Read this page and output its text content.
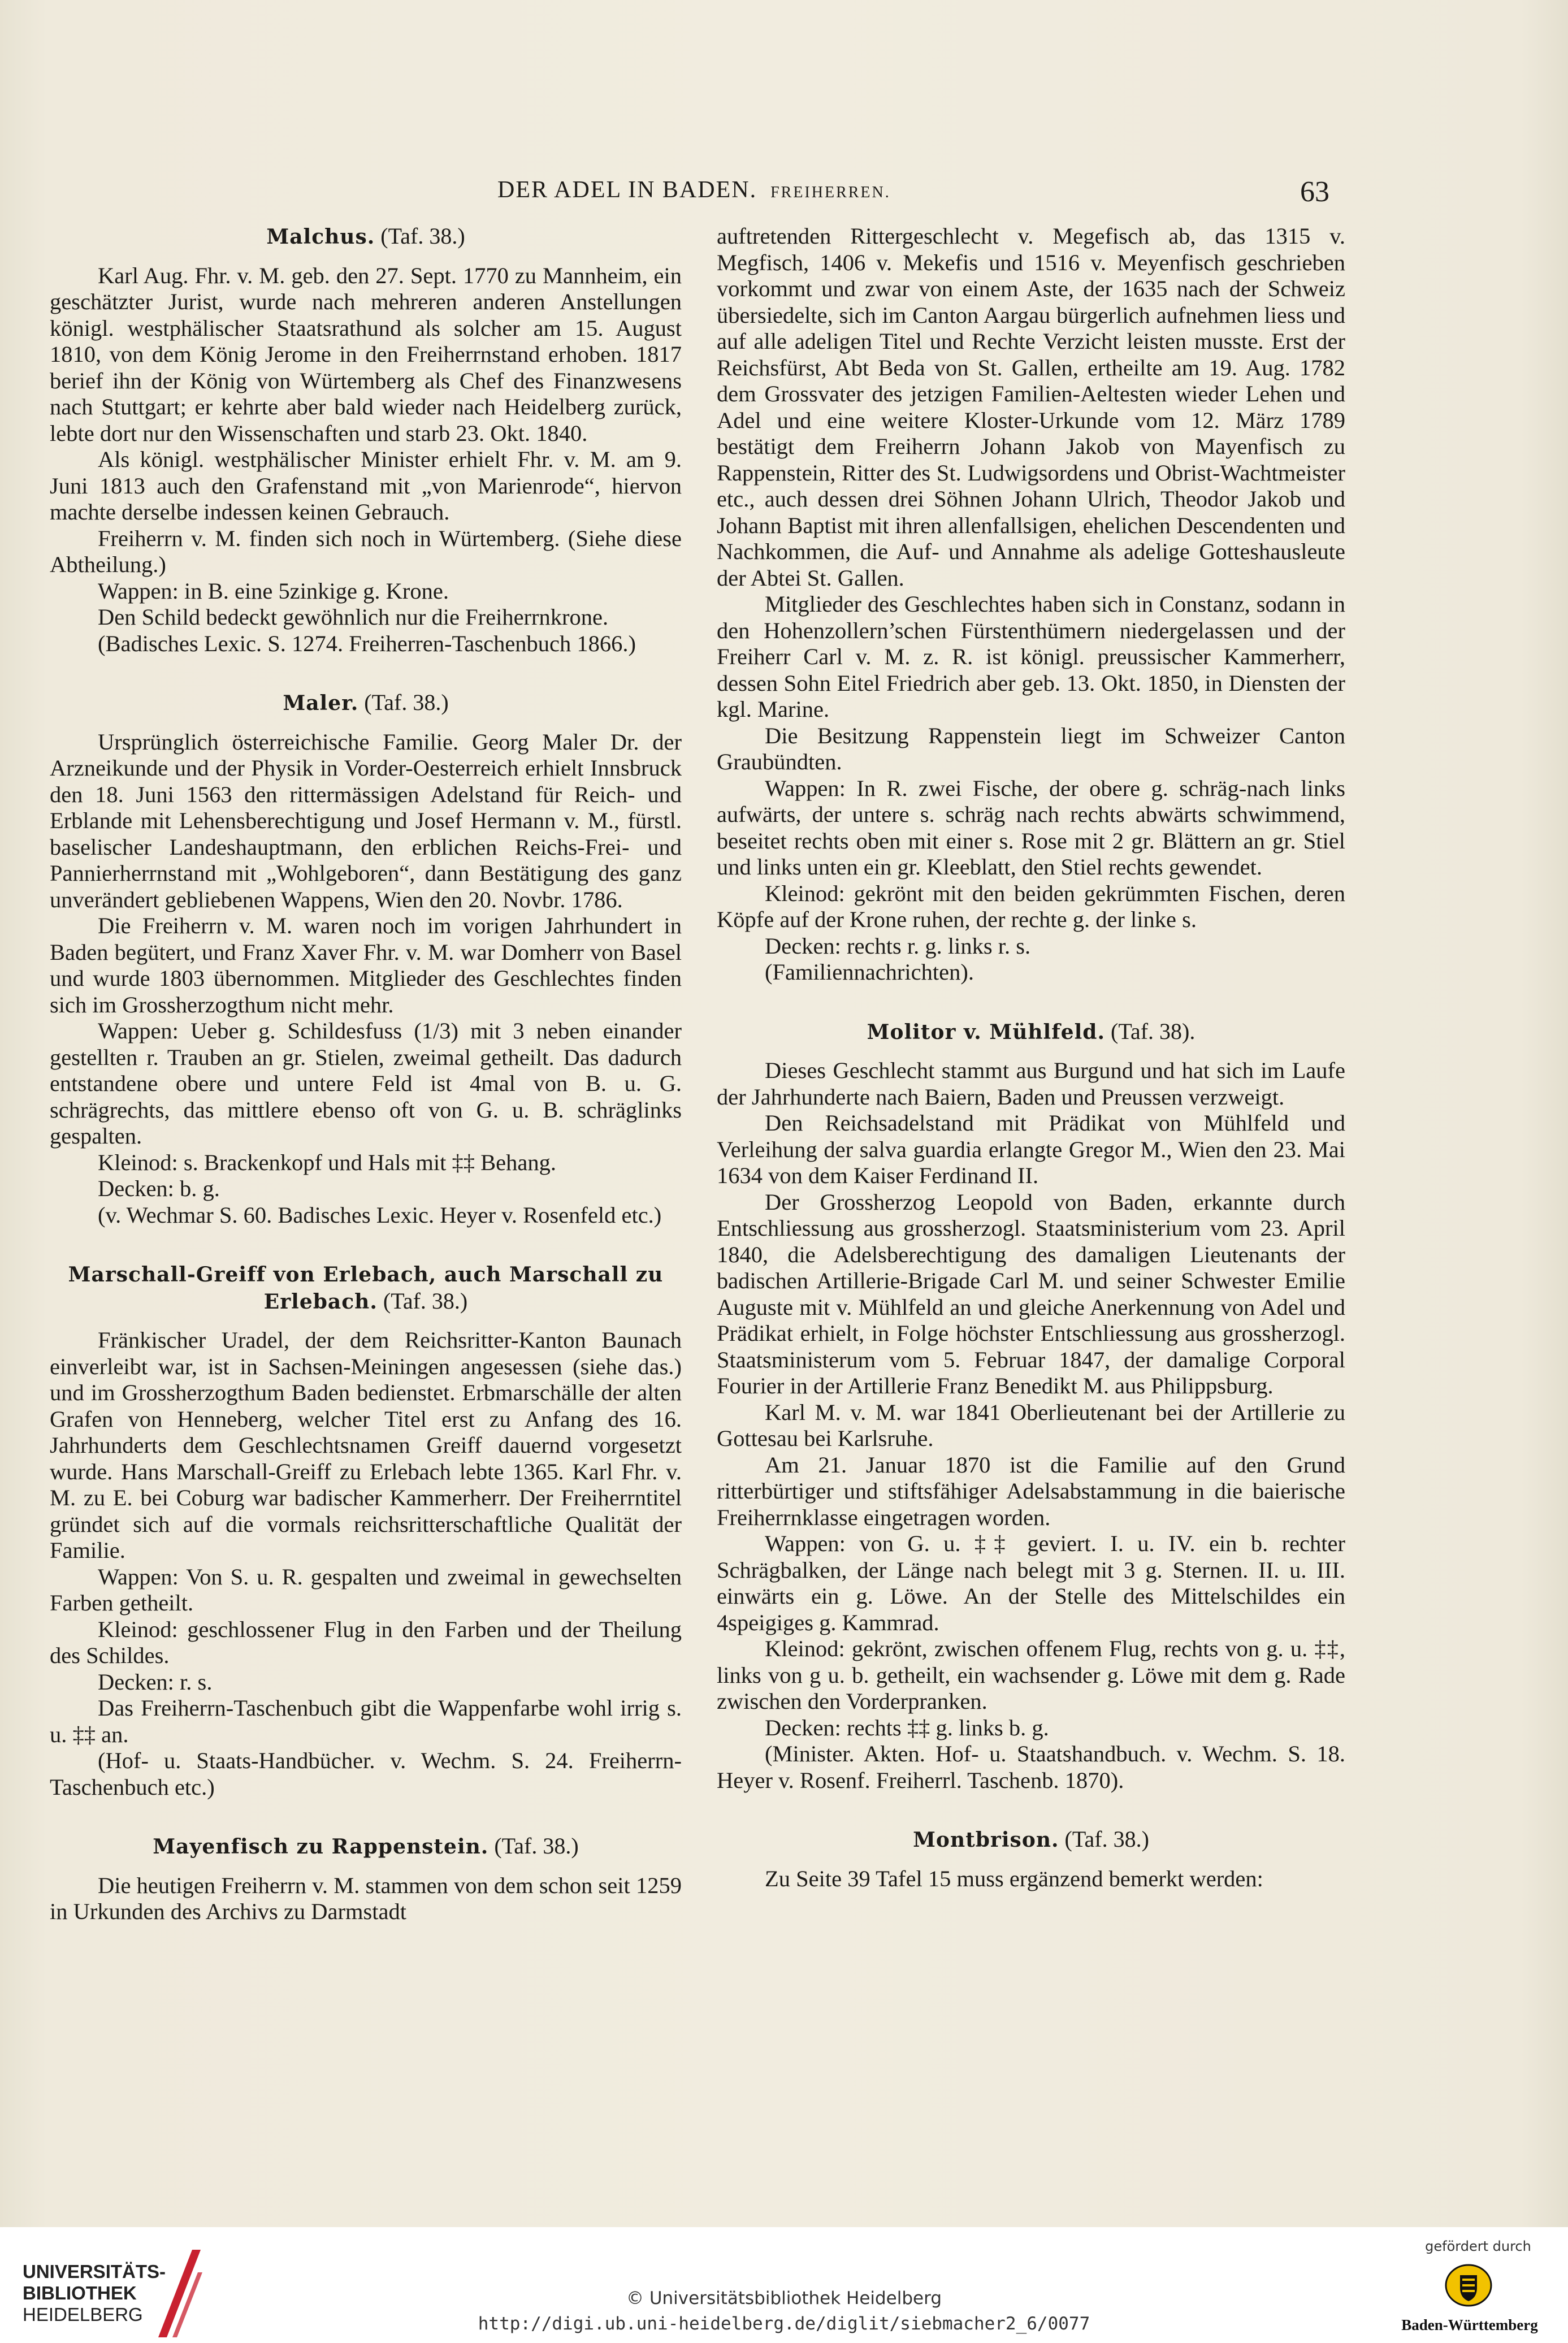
DER ADEL IN BADEN. FREIHERREN.	63
Malchus. (Taf. 38.)

Karl Aug. Fhr. v. M. geb. den 27. Sept. 1770 zu Mannheim, ein geschätzter Jurist, wurde nach mehreren anderen Anstellungen königl. westphälischer Staatsrathund als solcher am 15. August 1810, von dem König Jerome in den Freiherrnstand erhoben. 1817 berief ihn der König von Würtemberg als Chef des Finanzwesens nach Stuttgart; er kehrte aber bald wieder nach Heidelberg zurück, lebte dort nur den Wissenschaften und starb 23. Okt. 1840.

Als königl. westphälischer Minister erhielt Fhr. v. M. am 9. Juni 1813 auch den Grafenstand mit „von Marienrode“, hiervon machte derselbe indessen keinen Gebrauch.

Freiherrn v. M. finden sich noch in Würtemberg. (Siehe diese Abtheilung.)

Wappen: in B. eine 5zinkige g. Krone.

Den Schild bedeckt gewöhnlich nur die Freiherrnkrone.

(Badisches Lexic. S. 1274. Freiherren-Taschenbuch 1866.)

Maler. (Taf. 38.)

Ursprünglich österreichische Familie. Georg Maler Dr. der Arzneikunde und der Physik in Vorder-Oesterreich erhielt Innsbruck den 18. Juni 1563 den rittermässigen Adelstand für Reich- und Erblande mit Lehensberechtigung und Josef Hermann v. M., fürstl. baselischer Landeshauptmann, den erblichen Reichs-Frei- und Pannierherrnstand mit „Wohlgeboren“, dann Bestätigung des ganz unverändert gebliebenen Wappens, Wien den 20. Novbr. 1786.

Die Freiherrn v. M. waren noch im vorigen Jahrhundert in Baden begütert, und Franz Xaver Fhr. v. M. war Domherr von Basel und wurde 1803 übernommen. Mitglieder des Geschlechtes finden sich im Grossherzogthum nicht mehr.

Wappen: Ueber g. Schildesfuss (1/3) mit 3 neben einander gestellten r. Trauben an gr. Stielen, zweimal getheilt. Das dadurch entstandene obere und untere Feld ist 4mal von B. u. G. schrägrechts, das mittlere ebenso oft von G. u. B. schräglinks gespalten.

Kleinod: s. Brackenkopf und Hals mit ‡‡ Behang.

Decken: b. g.

(v. Wechmar S. 60. Badisches Lexic. Heyer v. Rosenfeld etc.)

Marschall-Greiff von Erlebach, auch Marschall zu Erlebach. (Taf. 38.)

Fränkischer Uradel, der dem Reichsritter-Kanton Baunach einverleibt war, ist in Sachsen-Meiningen angesessen (siehe das.) und im Grossherzogthum Baden bedienstet. Erbmarschälle der alten Grafen von Henneberg, welcher Titel erst zu Anfang des 16. Jahrhunderts dem Geschlechtsnamen Greiff dauernd vorgesetzt wurde. Hans Marschall-Greiff zu Erlebach lebte 1365. Karl Fhr. v. M. zu E. bei Coburg war badischer Kammerherr. Der Freiherrntitel gründet sich auf die vormals reichsritterschaftliche Qualität der Familie.

Wappen: Von S. u. R. gespalten und zweimal in gewechselten Farben getheilt.

Kleinod: geschlossener Flug in den Farben und der Theilung des Schildes.

Decken: r. s.

Das Freiherrn-Taschenbuch gibt die Wappenfarbe wohl irrig s. u. ‡‡ an.

(Hof- u. Staats-Handbücher. v. Wechm. S. 24. Freiherrn-Taschenbuch etc.)

Mayenfisch zu Rappenstein. (Taf. 38.)

Die heutigen Freiherrn v. M. stammen von dem schon seit 1259 in Urkunden des Archivs zu Darmstadt

auftretenden Rittergeschlecht v. Megefisch ab, das 1315 v. Megfisch, 1406 v. Mekefis und 1516 v. Meyenfisch geschrieben vorkommt und zwar von einem Aste, der 1635 nach der Schweiz übersiedelte, sich im Canton Aargau bürgerlich aufnehmen liess und auf alle adeligen Titel und Rechte Verzicht leisten musste. Erst der Reichsfürst, Abt Beda von St. Gallen, ertheilte am 19. Aug. 1782 dem Grossvater des jetzigen Familien-Aeltesten wieder Lehen und Adel und eine weitere Kloster-Urkunde vom 12. März 1789 bestätigt dem Freiherrn Johann Jakob von Mayenfisch zu Rappenstein, Ritter des St. Ludwigsordens und Obrist-Wachtmeister etc., auch dessen drei Söhnen Johann Ulrich, Theodor Jakob und Johann Baptist mit ihren allenfallsigen, ehelichen Descendenten und Nachkommen, die Auf- und Annahme als adelige Gotteshausleute der Abtei St. Gallen.

Mitglieder des Geschlechtes haben sich in Constanz, sodann in den Hohenzollern’schen Fürstenthümern niedergelassen und der Freiherr Carl v. M. z. R. ist königl. preussischer Kammerherr, dessen Sohn Eitel Friedrich aber geb. 13. Okt. 1850, in Diensten der kgl. Marine.

Die Besitzung Rappenstein liegt im Schweizer Canton Graubündten.

Wappen: In R. zwei Fische, der obere g. schräg-nach links aufwärts, der untere s. schräg nach rechts abwärts schwimmend, beseitet rechts oben mit einer s. Rose mit 2 gr. Blättern an gr. Stiel und links unten ein gr. Kleeblatt, den Stiel rechts gewendet.

Kleinod: gekrönt mit den beiden gekrümmten Fischen, deren Köpfe auf der Krone ruhen, der rechte g. der linke s.

Decken: rechts r. g. links r. s.

(Familiennachrichten).

Molitor v. Mühlfeld. (Taf. 38).

Dieses Geschlecht stammt aus Burgund und hat sich im Laufe der Jahrhunderte nach Baiern, Baden und Preussen verzweigt.

Den Reichsadelstand mit Prädikat von Mühlfeld und Verleihung der salva guardia erlangte Gregor M., Wien den 23. Mai 1634 von dem Kaiser Ferdinand II.

Der Grossherzog Leopold von Baden, erkannte durch Entschliessung aus grossherzogl. Staatsministerium vom 23. April 1840, die Adelsberechtigung des damaligen Lieutenants der badischen Artillerie-Brigade Carl M. und seiner Schwester Emilie Auguste mit v. Mühlfeld an und gleiche Anerkennung von Adel und Prädikat erhielt, in Folge höchster Entschliessung aus grossherzogl. Staatsministerum vom 5. Februar 1847, der damalige Corporal Fourier in der Artillerie Franz Benedikt M. aus Philippsburg.

Karl M. v. M. war 1841 Oberlieutenant bei der Artillerie zu Gottesau bei Karlsruhe.

Am 21. Januar 1870 ist die Familie auf den Grund ritterbürtiger und stiftsfähiger Adelsabstammung in die baierische Freiherrnklasse eingetragen worden.

Wappen: von G. u. ‡‡ geviert. I. u. IV. ein b. rechter Schrägbalken, der Länge nach belegt mit 3 g. Sternen. II. u. III. einwärts ein g. Löwe. An der Stelle des Mittelschildes ein 4speigiges g. Kammrad.

Kleinod: gekrönt, zwischen offenem Flug, rechts von g. u. ‡‡, links von g u. b. getheilt, ein wachsender g. Löwe mit dem g. Rade zwischen den Vorderpranken.

Decken: rechts ‡‡ g. links b. g.

(Minister. Akten. Hof- u. Staatshandbuch. v. Wechm. S. 18. Heyer v. Rosenf. Freiherrl. Taschenb. 1870).

Montbrison. (Taf. 38.)

Zu Seite 39 Tafel 15 muss ergänzend bemerkt werden:

UNIVERSITÄTS-
BIBLIOTHEK
HEIDELBERG
© Universitätsbibliothek Heidelberg
http://digi.ub.uni-heidelberg.de/diglit/siebmacher2_6/0077
gefördert durch
Baden-Württemberg
